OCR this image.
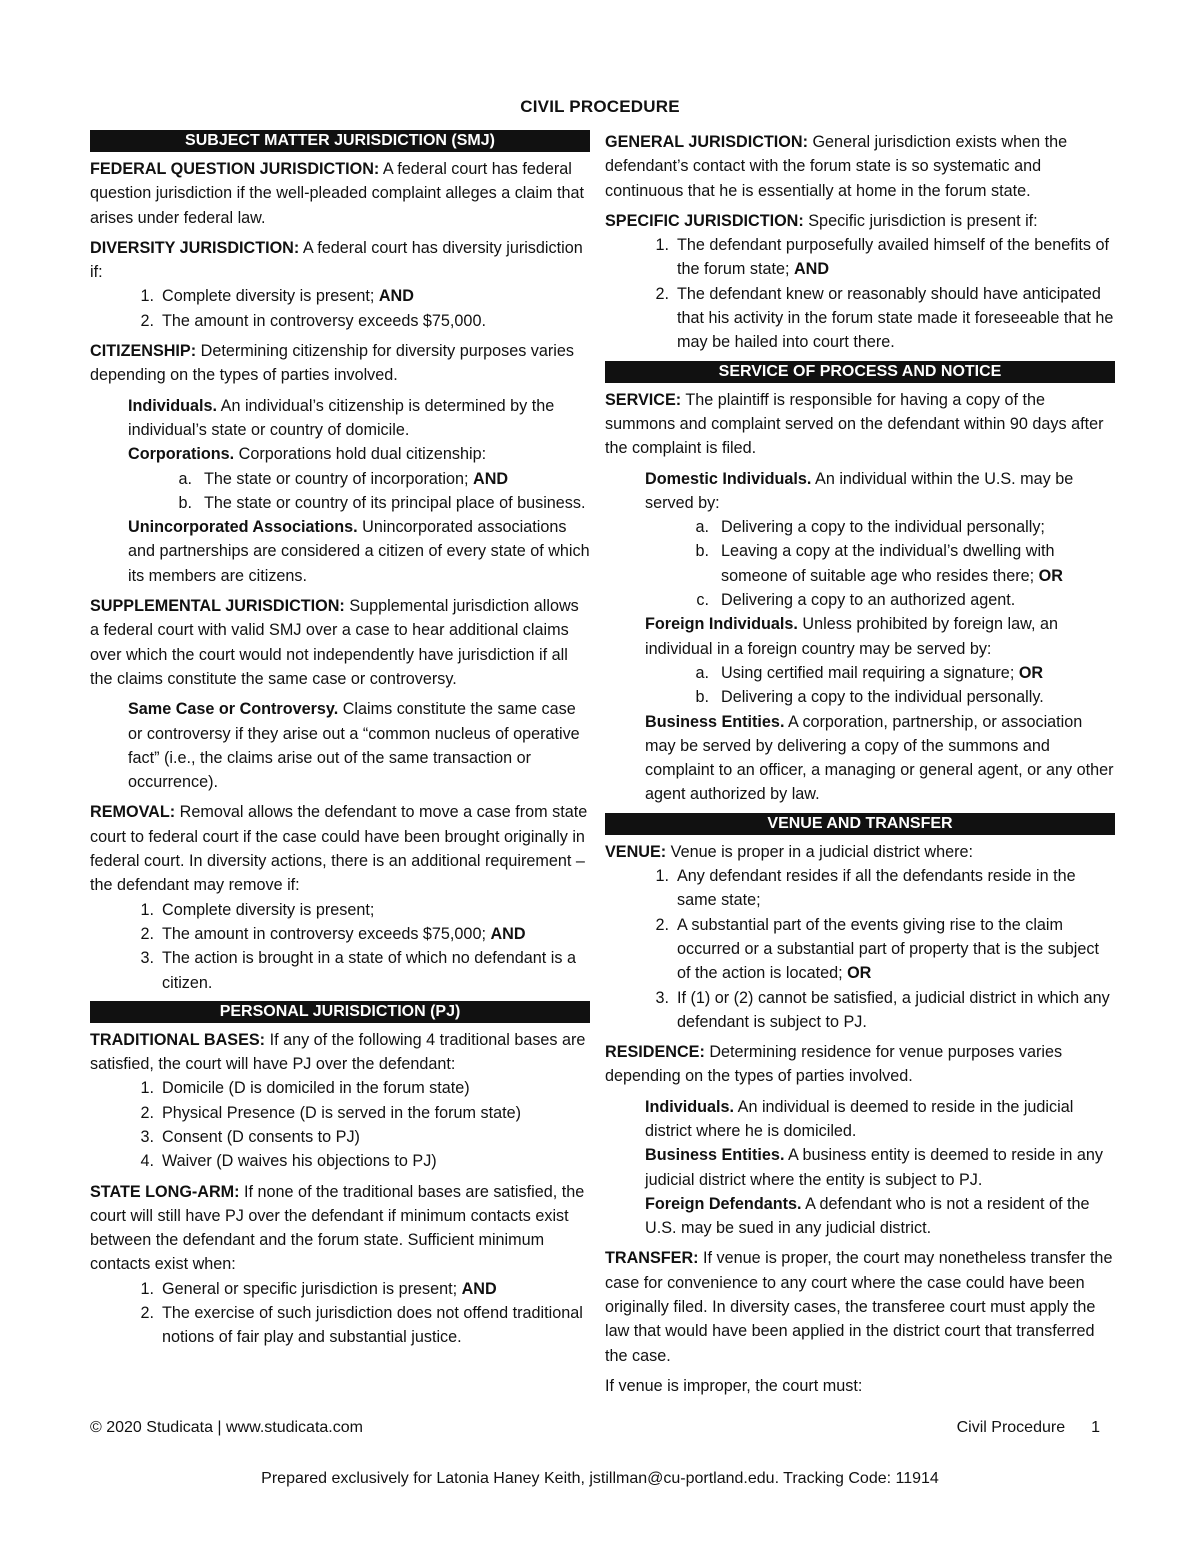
CIVIL PROCEDURE
SUBJECT MATTER JURISDICTION (SMJ)

FEDERAL QUESTION JURISDICTION: A federal court has federal question jurisdiction if the well-pleaded complaint alleges a claim that arises under federal law.

DIVERSITY JURISDICTION: A federal court has diversity jurisdiction if:

1. Complete diversity is present; AND
2. The amount in controversy exceeds $75,000.

CITIZENSHIP: Determining citizenship for diversity purposes varies depending on the types of parties involved.

Individuals. An individual’s citizenship is determined by the individual’s state or country of domicile.

Corporations. Corporations hold dual citizenship:

a. The state or country of incorporation; AND
b. The state or country of its principal place of business.

Unincorporated Associations. Unincorporated associations and partnerships are considered a citizen of every state of which its members are citizens.

SUPPLEMENTAL JURISDICTION: Supplemental jurisdiction allows a federal court with valid SMJ over a case to hear additional claims over which the court would not independently have jurisdiction if all the claims constitute the same case or controversy.

Same Case or Controversy. Claims constitute the same case or controversy if they arise out a “common nucleus of operative fact” (i.e., the claims arise out of the same transaction or occurrence).

REMOVAL: Removal allows the defendant to move a case from state court to federal court if the case could have been brought originally in federal court. In diversity actions, there is an additional requirement – the defendant may remove if:

1. Complete diversity is present;
2. The amount in controversy exceeds $75,000; AND
3. The action is brought in a state of which no defendant is a citizen.
PERSONAL JURISDICTION (PJ)

TRADITIONAL BASES: If any of the following 4 traditional bases are satisfied, the court will have PJ over the defendant:

1. Domicile (D is domiciled in the forum state)
2. Physical Presence (D is served in the forum state)
3. Consent (D consents to PJ)
4. Waiver (D waives his objections to PJ)

STATE LONG-ARM: If none of the traditional bases are satisfied, the court will still have PJ over the defendant if minimum contacts exist between the defendant and the forum state. Sufficient minimum contacts exist when:

1. General or specific jurisdiction is present; AND
2. The exercise of such jurisdiction does not offend traditional notions of fair play and substantial justice.

GENERAL JURISDICTION: General jurisdiction exists when the defendant’s contact with the forum state is so systematic and continuous that he is essentially at home in the forum state.

SPECIFIC JURISDICTION: Specific jurisdiction is present if:

1. The defendant purposefully availed himself of the benefits of the forum state; AND
2. The defendant knew or reasonably should have anticipated that his activity in the forum state made it foreseeable that he may be hailed into court there.
SERVICE OF PROCESS AND NOTICE

SERVICE: The plaintiff is responsible for having a copy of the summons and complaint served on the defendant within 90 days after the complaint is filed.

Domestic Individuals. An individual within the U.S. may be served by:

a. Delivering a copy to the individual personally;
b. Leaving a copy at the individual’s dwelling with someone of suitable age who resides there; OR
c. Delivering a copy to an authorized agent.

Foreign Individuals. Unless prohibited by foreign law, an individual in a foreign country may be served by:

a. Using certified mail requiring a signature; OR
b. Delivering a copy to the individual personally.

Business Entities. A corporation, partnership, or association may be served by delivering a copy of the summons and complaint to an officer, a managing or general agent, or any other agent authorized by law.

VENUE AND TRANSFER

VENUE: Venue is proper in a judicial district where:

1. Any defendant resides if all the defendants reside in the same state;
2. A substantial part of the events giving rise to the claim occurred or a substantial part of property that is the subject of the action is located; OR
3. If (1) or (2) cannot be satisfied, a judicial district in which any defendant is subject to PJ.

RESIDENCE: Determining residence for venue purposes varies depending on the types of parties involved.

Individuals. An individual is deemed to reside in the judicial district where he is domiciled.

Business Entities. A business entity is deemed to reside in any judicial district where the entity is subject to PJ.

Foreign Defendants. A defendant who is not a resident of the U.S. may be sued in any judicial district.

TRANSFER: If venue is proper, the court may nonetheless transfer the case for convenience to any court where the case could have been originally filed. In diversity cases, the transferee court must apply the law that would have been applied in the district court that transferred the case.

If venue is improper, the court must:

© 2020 Studicata | www.studicata.com	Civil Procedure 1
Prepared exclusively for Latonia Haney Keith, jstillman@cu-portland.edu. Tracking Code: 11914
